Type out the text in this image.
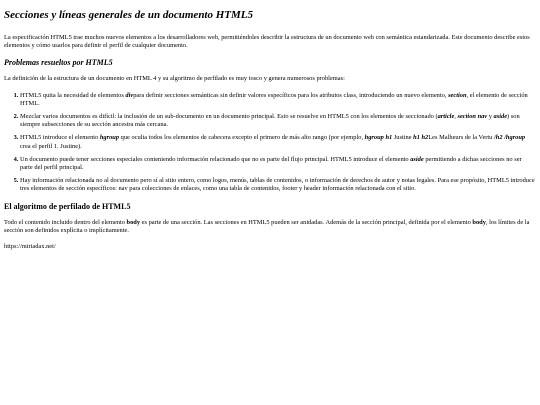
Secciones y líneas generales de un documento HTML5

La especificación HTML5 trae muchos nuevos elementos a los desarrolladores web, permitiéndoles describir la estructura de un documento web con semántica estandarizada. Este documento describe estos elementos y cómo usarlos para definir el perfil de cualquier documento.

Problemas resueltos por HTML5

La definición de la estructura de un documento en HTML 4 y su algoritmo de perfilado es muy tosco y genera numerosos problemas:

1. HTML5 quita la necesidad de elementos divpara definir secciones semánticas sin definir valores específicos para los atributos class, introduciendo un nuevo elemento, section, el elemento de sección HTML.
2. Mezclar varios documentos es difícil: la inclusión de un sub-documento en un documento principal. Esto se resuelve en HTML5 con los elementos de seccionado (article, section nav y aside) son siempre subsecciones de su sección ancestra más cercana.
3. HTML5 introduce el elemento hgroup que oculta todos los elementos de cabecera excepto el primero de más alto rango (por ejemplo, hgroup h1 Justine h1 h2Les Malheurs de la Vertu /h2 /hgroup crea el perfil 1. Justine).
4. Un documento puede tener secciones especiales conteniendo información relacionado que no es parte del flujo principal. HTML5 introduce el elemento aside permitiendo a dichas secciones no ser parte del perfil principal.
5. Hay información relacionada no al documento pero sí al sitio entero, como logos, menús, tablas de contenidos, o información de derechos de autor y notas legales. Para ese propósito, HTML5 introduce tres elementos de sección específicos: nav para colecciones de enlaces, como una tabla de contenidos, footer y header información relacionada con el sitio.
El algoritmo de perfilado de HTML5

Todo el contenido incluido dentro del elemento body es parte de una sección. Las secciones en HTML5 pueden ser anidadas. Además de la sección principal, definida por el elemento body, los límites de la sección son definidos explícita o implícitamente.

https://miriadax.net/
